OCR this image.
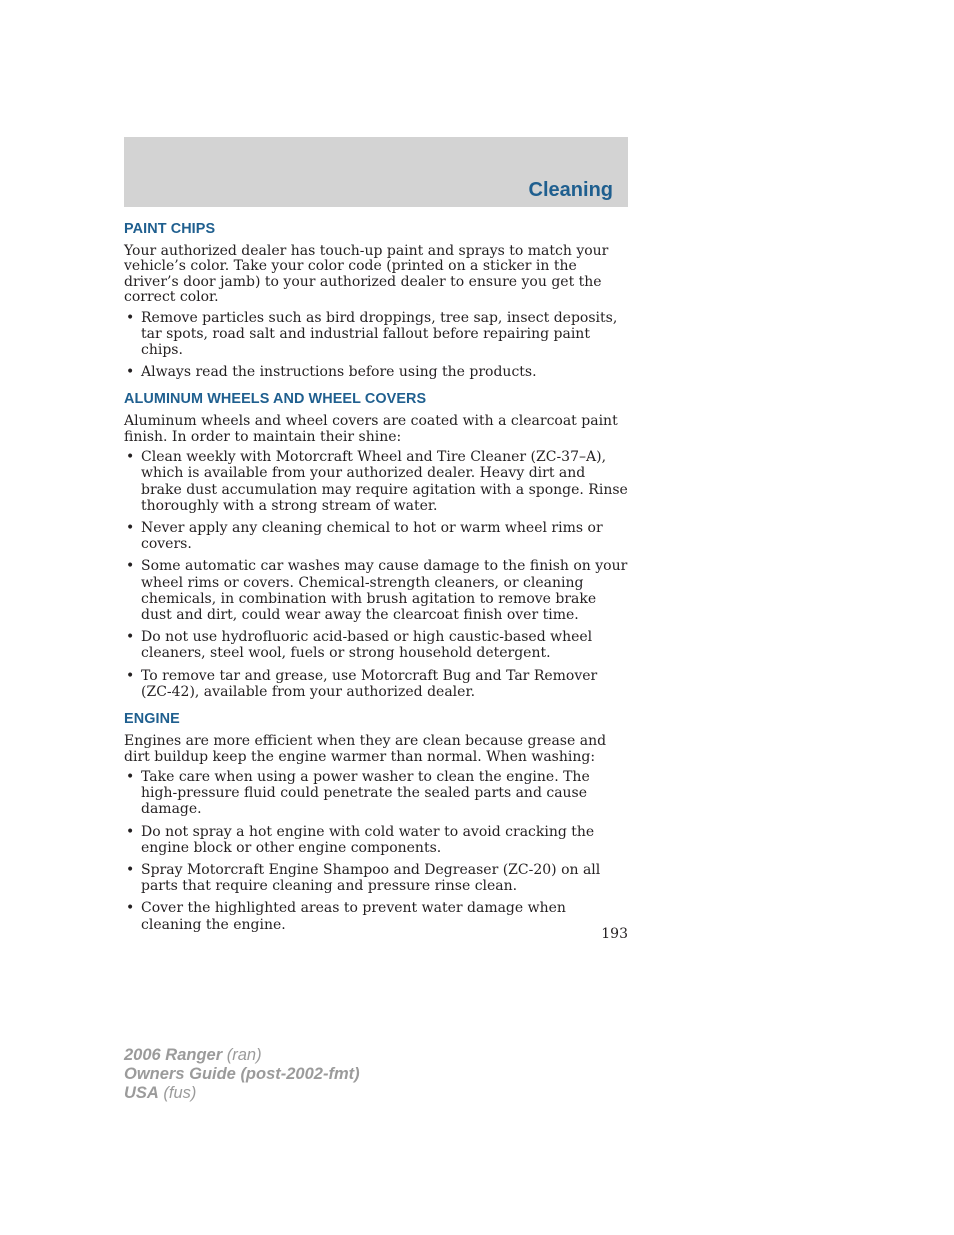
Cleaning
PAINT CHIPS

Your authorized dealer has touch-up paint and sprays to match your vehicle’s color. Take your color code (printed on a sticker in the driver’s door jamb) to your authorized dealer to ensure you get the correct color.

• Remove particles such as bird droppings, tree sap, insect deposits, tar spots, road salt and industrial fallout before repairing paint chips.
• Always read the instructions before using the products.
ALUMINUM WHEELS AND WHEEL COVERS

Aluminum wheels and wheel covers are coated with a clearcoat paint finish. In order to maintain their shine:

• Clean weekly with Motorcraft Wheel and Tire Cleaner (ZC-37–A), which is available from your authorized dealer. Heavy dirt and brake dust accumulation may require agitation with a sponge. Rinse thoroughly with a strong stream of water.
• Never apply any cleaning chemical to hot or warm wheel rims or covers.
• Some automatic car washes may cause damage to the finish on your wheel rims or covers. Chemical-strength cleaners, or cleaning chemicals, in combination with brush agitation to remove brake dust and dirt, could wear away the clearcoat finish over time.
• Do not use hydrofluoric acid-based or high caustic-based wheel cleaners, steel wool, fuels or strong household detergent.
• To remove tar and grease, use Motorcraft Bug and Tar Remover (ZC-42), available from your authorized dealer.
ENGINE

Engines are more efficient when they are clean because grease and dirt buildup keep the engine warmer than normal. When washing:

• Take care when using a power washer to clean the engine. The high-pressure fluid could penetrate the sealed parts and cause damage.
• Do not spray a hot engine with cold water to avoid cracking the engine block or other engine components.
• Spray Motorcraft Engine Shampoo and Degreaser (ZC-20) on all parts that require cleaning and pressure rinse clean.
• Cover the highlighted areas to prevent water damage when cleaning the engine.
193
2006 Ranger (ran)
Owners Guide (post-2002-fmt)
USA (fus)
